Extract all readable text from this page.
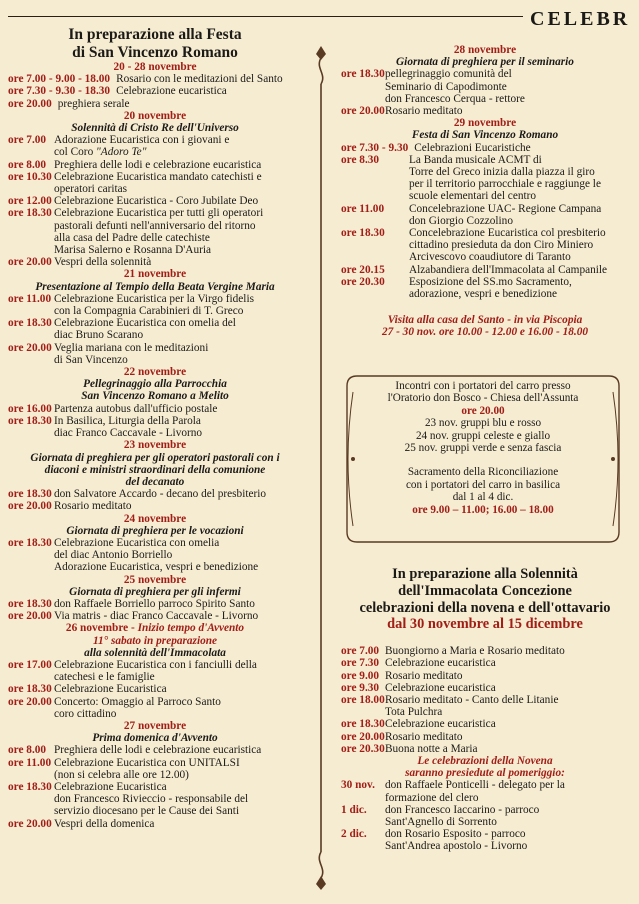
CELEBR
In preparazione alla Festa
di San Vincenzo Romano
20 - 28 novembre
ore 7.00 - 9.00 - 18.00 Rosario con le meditazioni del Santo
ore 7.30 - 9.30 - 18.30 Celebrazione eucaristica
ore 20.00 preghiera serale
20 novembre
Solennità di Cristo Re dell'Universo
ore 7.00 Adorazione Eucaristica con i giovani e
col Coro "Adoro Te"
ore 8.00 Preghiera delle lodi e celebrazione eucaristica
ore 10.30 Celebrazione Eucaristica mandato catechisti e
operatori caritas
ore 12.00 Celebrazione Eucaristica - Coro Jubilate Deo
ore 18.30 Celebrazione Eucaristica per tutti gli operatori
pastorali defunti nell'anniversario del ritorno
alla casa del Padre delle catechiste
Marisa Salerno e Rosanna D'Auria
ore 20.00 Vespri della solennità
21 novembre
Presentazione al Tempio della Beata Vergine Maria
ore 11.00 Celebrazione Eucaristica per la Virgo fidelis
con la Compagnia Carabinieri di T. Greco
ore 18.30 Celebrazione Eucaristica con omelia del
diac Bruno Scarano
ore 20.00 Veglia mariana con le meditazioni
di San Vincenzo
22 novembre
Pellegrinaggio alla Parrocchia
San Vincenzo Romano a Melito
ore 16.00 Partenza autobus dall'ufficio postale
ore 18.30 In Basilica, Liturgia della Parola
diac Franco Caccavale - Livorno
23 novembre
Giornata di preghiera per gli operatori pastorali con i
diaconi e ministri straordinari della comunione
del decanato
ore 18.30 don Salvatore Accardo - decano del presbiterio
ore 20.00 Rosario meditato
24 novembre
Giornata di preghiera per le vocazioni
ore 18.30 Celebrazione Eucaristica con omelia
del diac Antonio Borriello
Adorazione Eucaristica, vespri e benedizione
25 novembre
Giornata di preghiera per gli infermi
ore 18.30 don Raffaele Borriello parroco Spirito Santo
ore 20.00 Via matris - diac Franco Caccavale - Livorno
26 novembre - Inizio tempo d'Avvento
11° sabato in preparazione
alla solennità dell'Immacolata
ore 17.00 Celebrazione Eucaristica con i fanciulli della
catechesi e le famiglie
ore 18.30 Celebrazione Eucaristica
ore 20.00 Concerto: Omaggio al Parroco Santo
coro cittadino
27 novembre
Prima domenica d'Avvento
ore 8.00 Preghiera delle lodi e celebrazione eucaristica
ore 11.00 Celebrazione Eucaristica con UNITALSI
(non si celebra alle ore 12.00)
ore 18.30 Celebrazione Eucaristica
don Francesco Rivieccio - responsabile del
servizio diocesano per le Cause dei Santi
ore 20.00 Vespri della domenica
28 novembre
Giornata di preghiera per il seminario
ore 18.30 pellegrinaggio comunità del
Seminario di Capodimonte
don Francesco Cerqua - rettore
ore 20.00 Rosario meditato
29 novembre
Festa di San Vincenzo Romano
ore 7.30 - 9.30 Celebrazioni Eucaristiche
ore 8.30	La Banda musicale ACMT di
Torre del Greco inizia dalla piazza il giro
per il territorio parrocchiale e raggiunge le
scuole elementari del centro
ore 11.00	Concelebrazione UAC- Regione Campana
don Giorgio Cozzolino
ore 18.30	Concelebrazione Eucaristica col presbiterio
cittadino presieduta da don Ciro Miniero
Arcivescovo coaudiutore di Taranto
ore 20.15	Alzabandiera dell'Immacolata al Campanile
ore 20.30	Esposizione del SS.mo Sacramento,
adorazione, vespri e benedizione
Visita alla casa del Santo - in via Piscopia
27 - 30 nov. ore 10.00 - 12.00 e 16.00 - 18.00
Incontri con i portatori del carro presso
l'Oratorio don Bosco - Chiesa dell'Assunta
ore 20.00
23 nov. gruppi blu e rosso
24 nov. gruppi celeste e giallo
25 nov. gruppi verde e senza fascia
Sacramento della Riconciliazione
con i portatori del carro in basilica
dal 1 al 4 dic.
ore 9.00 – 11.00; 16.00 – 18.00
In preparazione alla Solennità
dell'Immacolata Concezione
celebrazioni della novena e dell'ottavario
dal 30 novembre al 15 dicembre
ore 7.00 Buongiorno a Maria e Rosario meditato
ore 7.30 Celebrazione eucaristica
ore 9.00 Rosario meditato
ore 9.30 Celebrazione eucaristica
ore 18.00 Rosario meditato - Canto delle Litanie
Tota Pulchra
ore 18.30 Celebrazione eucaristica
ore 20.00 Rosario meditato
ore 20.30 Buona notte a Maria
Le celebrazioni della Novena
saranno presiedute al pomeriggio:
30 nov. don Raffaele Ponticelli - delegato per la
formazione del clero
1 dic.	don Francesco Iaccarino - parroco
Sant'Agnello di Sorrento
2 dic.	don Rosario Esposito - parroco
Sant'Andrea apostolo - Livorno
